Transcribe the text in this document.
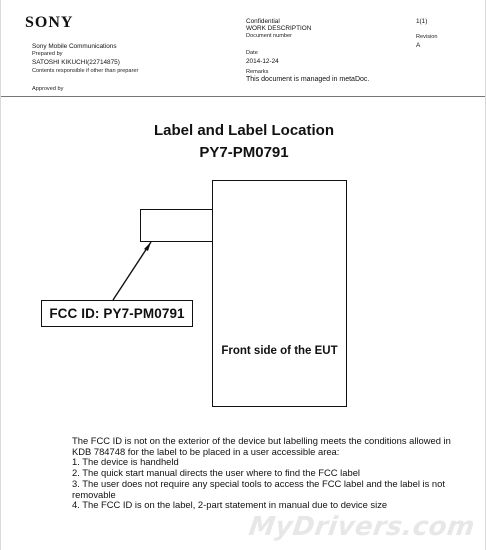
SONY
Sony Mobile Communications
Prepared by
SATOSHI KIKUCHI(22714875)
Contents responsible if other than preparer
Approved by
Confidential
WORK DESCRIPTION
Document number
1(1)
Revision
A
Date
2014-12-24
Remarks
This document is managed in metaDoc.
Label and Label Location
PY7-PM0791
FCC ID: PY7-PM0791
Front side of the EUT

The FCC ID is not on the exterior of the device but labelling meets the conditions allowed in KDB 784748 for the label to be placed in a user accessible area:

1. The device is handheld

2. The quick start manual directs the user where to find the FCC label

3. The user does not require any special tools to access the FCC label and the label is not removable

4. The FCC ID is on the label, 2-part statement in manual due to device size

MyDrivers.com
